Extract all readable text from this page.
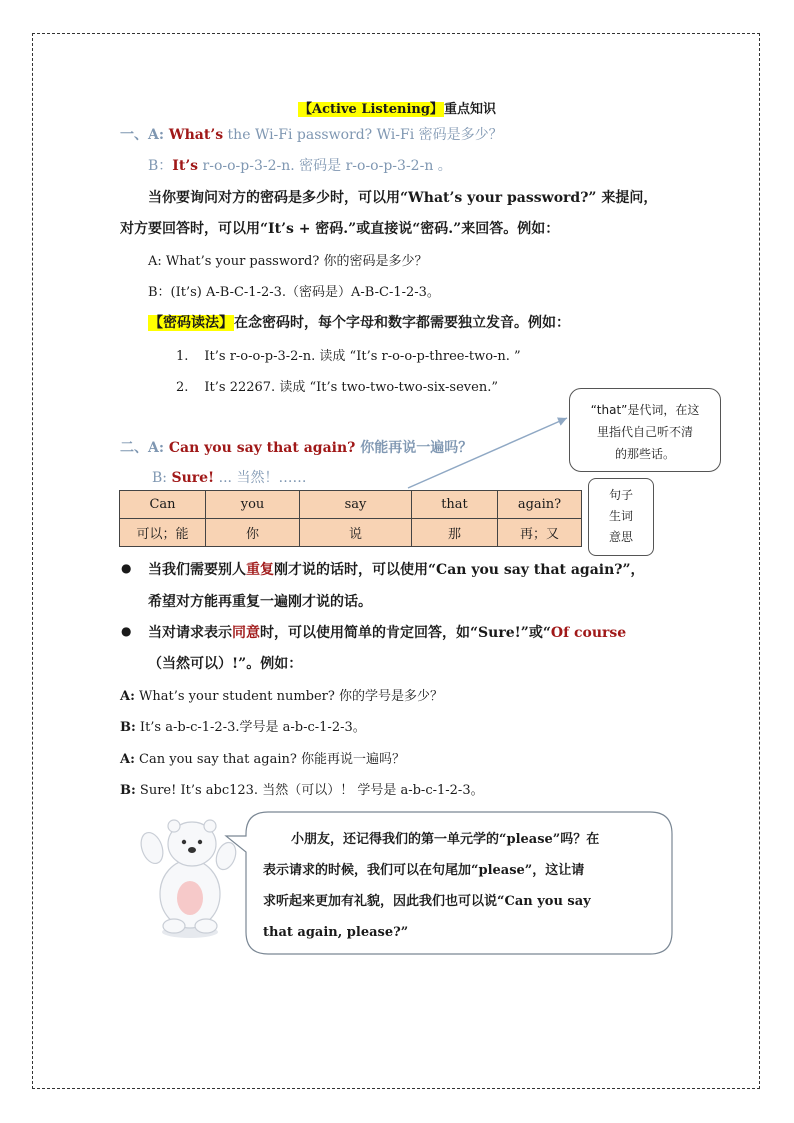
【Active Listening】重点知识
一、A: What’s the Wi-Fi password? Wi-Fi 密码是多少？
B：It’s r-o-o-p-3-2-n. 密码是 r-o-o-p-3-2-n 。
当你要询问对方的密码是多少时，可以用“What’s your password?” 来提问，
对方要回答时，可以用“It’s + 密码.”或直接说“密码.”来回答。例如：
A: What’s your password? 你的密码是多少？
B：(It’s) A-B-C-1-2-3.（密码是）A-B-C-1-2-3。
【密码读法】在念密码时，每个字母和数字都需要独立发音。例如：
1. It’s r-o-o-p-3-2-n. 读成 “It’s r-o-o-p-three-two-n. ”
2. It’s 22267. 读成 “It’s two-two-two-six-seven.”
“that”是代词，在这
里指代自己听不清
的那些话。
二、A: Can you say that again? 你能再说一遍吗？
B: Sure! ... 当然！……
Can	you	say	that	again?
可以；能	你	说	那	再；又
句子
生词
意思
● 当我们需要别人重复刚才说的话时，可以使用“Can you say that again?”，
希望对方能再重复一遍刚才说的话。
● 当对请求表示同意时，可以使用简单的肯定回答，如“Sure!”或“Of course
（当然可以）!”。例如：
A: What’s your student number? 你的学号是多少？
B: It’s a-b-c-1-2-3.学号是 a-b-c-1-2-3。
A: Can you say that again? 你能再说一遍吗？
B: Sure! It’s abc123. 当然（可以）！ 学号是 a-b-c-1-2-3。

小朋友，还记得我们的第一单元学的“please”吗？在

表示请求的时候，我们可以在句尾加“please”，这让请

求听起来更加有礼貌，因此我们也可以说“Can you say

that again, please?”
